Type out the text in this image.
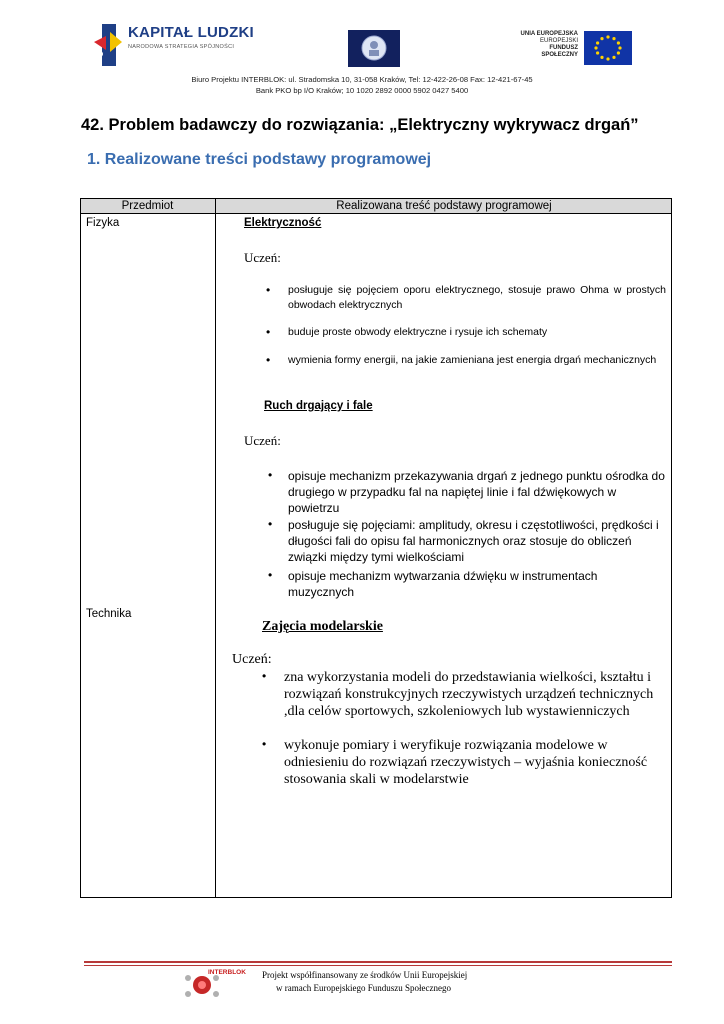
KAPITAŁ LUDZKI
NARODOWA STRATEGIA SPÓJNOŚCI
UNIA EUROPEJSKA
EUROPEJSKI
FUNDUSZ SPOŁECZNY
Biuro Projektu INTERBLOK: ul. Stradomska 10, 31-058 Kraków, Tel: 12-422-26-08 Fax: 12-421-67-45
Bank PKO bp I/O Kraków; 10 1020 2892 0000 5902 0427 5400
42. Problem badawczy do rozwiązania: „Elektryczny wykrywacz drgań”
1. Realizowane treści podstawy programowej
Przedmiot	Realizowana treść podstawy programowej
Fizyka
Technika
Elektryczność
Uczeń:
• posługuje się pojęciem oporu elektrycznego, stosuje prawo Ohma w prostych obwodach elektrycznych
• buduje proste obwody elektryczne i rysuje ich schematy
• wymienia formy energii, na jakie zamieniana jest energia drgań mechanicznych
Ruch drgający i fale
Uczeń:
• opisuje mechanizm przekazywania drgań z jednego punktu ośrodka do drugiego w przypadku fal na napiętej linie i fal dźwiękowych w powietrzu
• posługuje się pojęciami: amplitudy, okresu i częstotliwości, prędkości i długości fali do opisu fal harmonicznych oraz stosuje do obliczeń związki między tymi wielkościami
• opisuje mechanizm wytwarzania dźwięku w instrumentach muzycznych
Zajęcia modelarskie
Uczeń:
• zna wykorzystania modeli do przedstawiania wielkości, kształtu i rozwiązań konstrukcyjnych rzeczywistych urządzeń technicznych ,dla celów sportowych, szkoleniowych lub wystawienniczych
• wykonuje pomiary i weryfikuje rozwiązania modelowe w odniesieniu do rozwiązań rzeczywistych – wyjaśnia konieczność stosowania skali w modelarstwie
INTERBLOK Projekt współfinansowany ze środków Unii Europejskiej
w ramach Europejskiego Funduszu Społecznego
